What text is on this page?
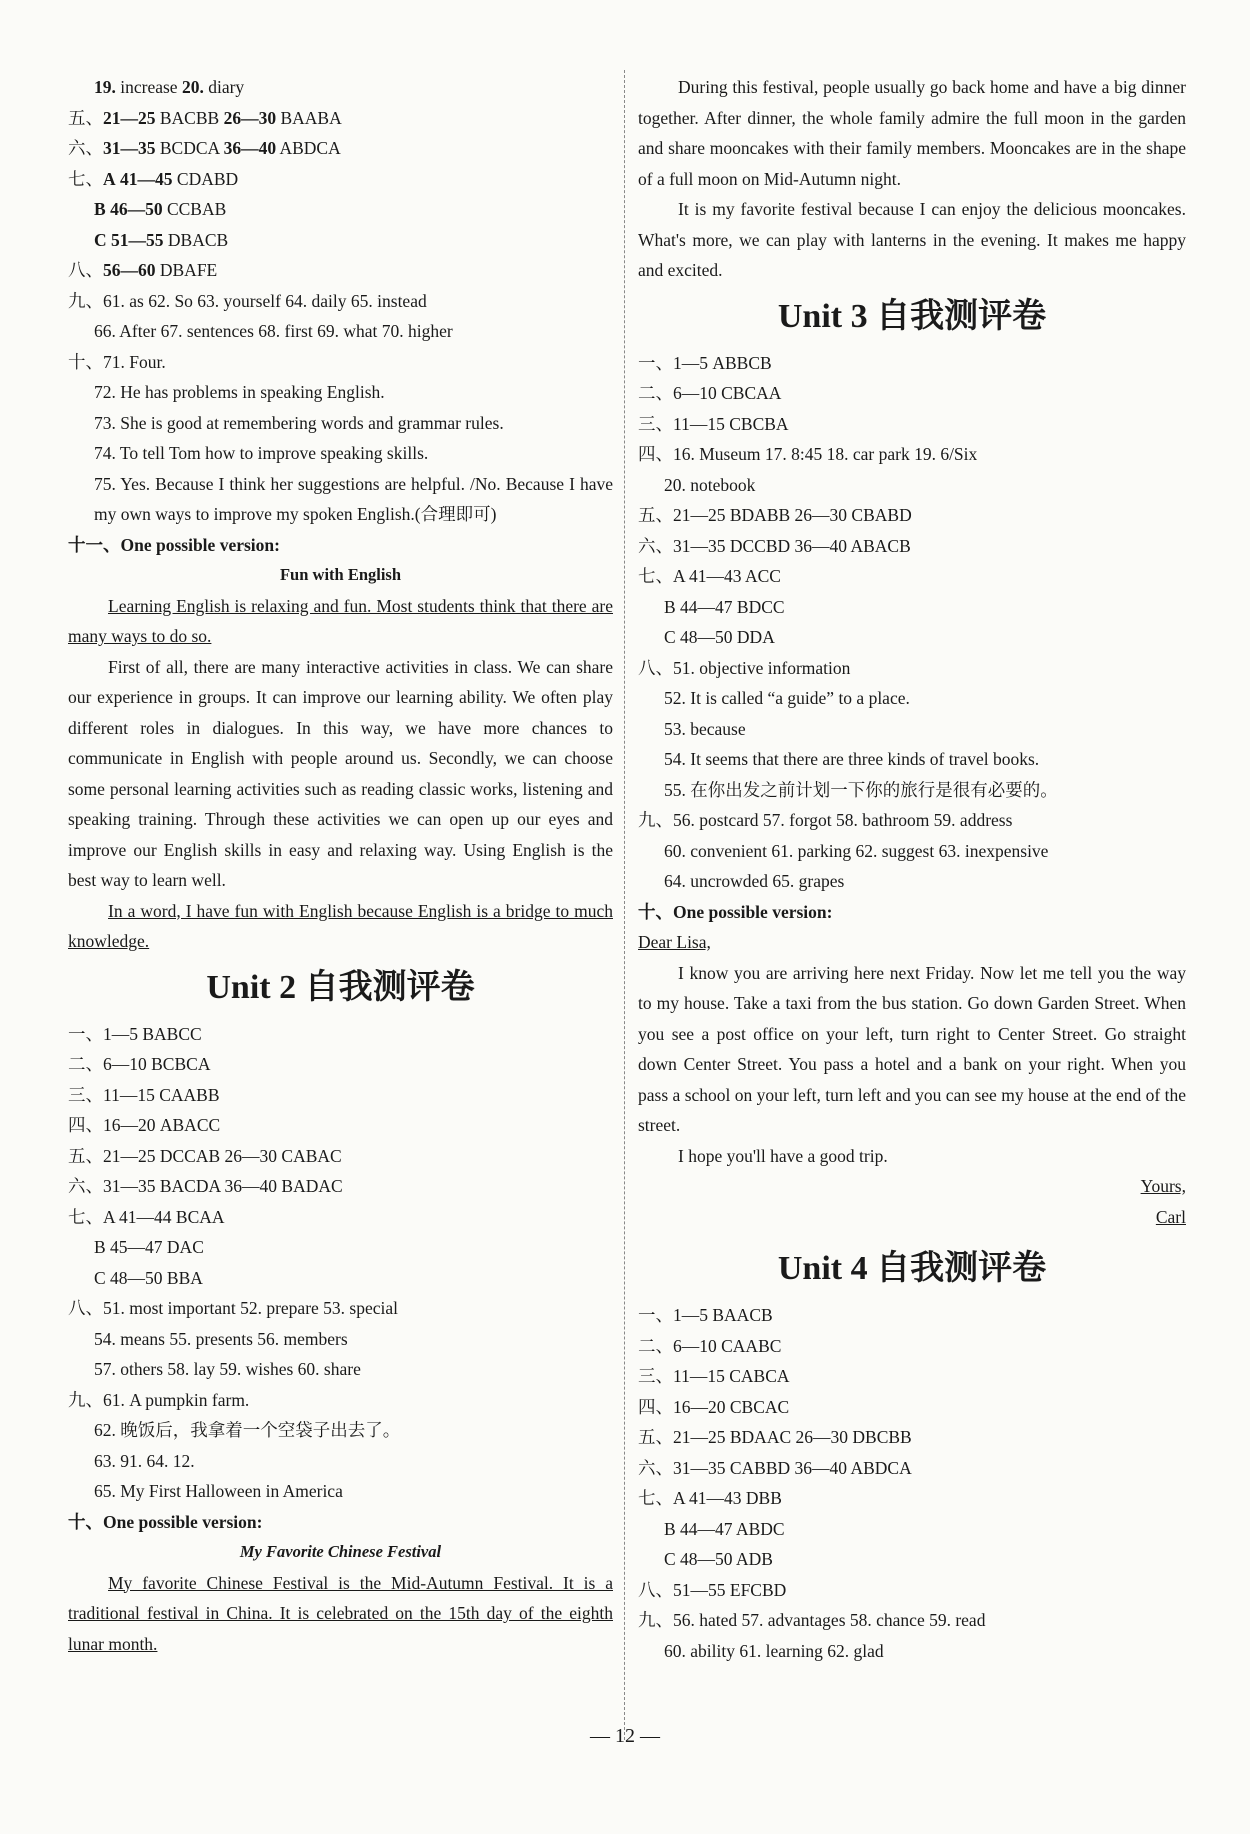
19. increase 20. diary
五、21—25 BACBB 26—30 BAABA
六、31—35 BCDCA 36—40 ABDCA
七、A 41—45 CDABD
B 46—50 CCBAB
C 51—55 DBACB
八、56—60 DBAFE
九、61. as 62. So 63. yourself 64. daily 65. instead
66. After 67. sentences 68. first 69. what 70. higher
十、71. Four.
72. He has problems in speaking English.
73. She is good at remembering words and grammar rules.
74. To tell Tom how to improve speaking skills.
75. Yes. Because I think her suggestions are helpful. /No. Because I have my own ways to improve my spoken English.(合理即可)
十一、One possible version:
Fun with English
Learning English is relaxing and fun. Most students think that there are many ways to do so.
First of all, there are many interactive activities in class. We can share our experience in groups. It can improve our learning ability. We often play different roles in dialogues. In this way, we have more chances to communicate in English with people around us. Secondly, we can choose some personal learning activities such as reading classic works, listening and speaking training. Through these activities we can open up our eyes and improve our English skills in easy and relaxing way. Using English is the best way to learn well.
In a word, I have fun with English because English is a bridge to much knowledge.
Unit 2 自我测评卷
一、1—5 BABCC
二、6—10 BCBCA
三、11—15 CAABB
四、16—20 ABACC
五、21—25 DCCAB 26—30 CABAC
六、31—35 BACDA 36—40 BADAC
七、A 41—44 BCAA
B 45—47 DAC
C 48—50 BBA
八、51. most important 52. prepare 53. special
54. means 55. presents 56. members
57. others 58. lay 59. wishes 60. share
九、61. A pumpkin farm.
62. 晚饭后，我拿着一个空袋子出去了。
63. 91. 64. 12.
65. My First Halloween in America
十、One possible version:
My Favorite Chinese Festival
My favorite Chinese Festival is the Mid-Autumn Festival. It is a traditional festival in China. It is celebrated on the 15th day of the eighth lunar month.
During this festival, people usually go back home and have a big dinner together. After dinner, the whole family admire the full moon in the garden and share mooncakes with their family members. Mooncakes are in the shape of a full moon on Mid-Autumn night.
It is my favorite festival because I can enjoy the delicious mooncakes. What's more, we can play with lanterns in the evening. It makes me happy and excited.
Unit 3 自我测评卷
一、1—5 ABBCB
二、6—10 CBCAA
三、11—15 CBCBA
四、16. Museum 17. 8:45 18. car park 19. 6/Six
20. notebook
五、21—25 BDABB 26—30 CBABD
六、31—35 DCCBD 36—40 ABACB
七、A 41—43 ACC
B 44—47 BDCC
C 48—50 DDA
八、51. objective information
52. It is called “a guide” to a place.
53. because
54. It seems that there are three kinds of travel books.
55. 在你出发之前计划一下你的旅行是很有必要的。
九、56. postcard 57. forgot 58. bathroom 59. address
60. convenient 61. parking 62. suggest 63. inexpensive
64. uncrowded 65. grapes
十、One possible version:
Dear Lisa,
I know you are arriving here next Friday. Now let me tell you the way to my house. Take a taxi from the bus station. Go down Garden Street. When you see a post office on your left, turn right to Center Street. Go straight down Center Street. You pass a hotel and a bank on your right. When you pass a school on your left, turn left and you can see my house at the end of the street.
I hope you'll have a good trip.
Yours,
Carl
Unit 4 自我测评卷
一、1—5 BAACB
二、6—10 CAABC
三、11—15 CABCA
四、16—20 CBCAC
五、21—25 BDAAC 26—30 DBCBB
六、31—35 CABBD 36—40 ABDCA
七、A 41—43 DBB
B 44—47 ABDC
C 48—50 ADB
八、51—55 EFCBD
九、56. hated 57. advantages 58. chance 59. read
60. ability 61. learning 62. glad
— 12 —
